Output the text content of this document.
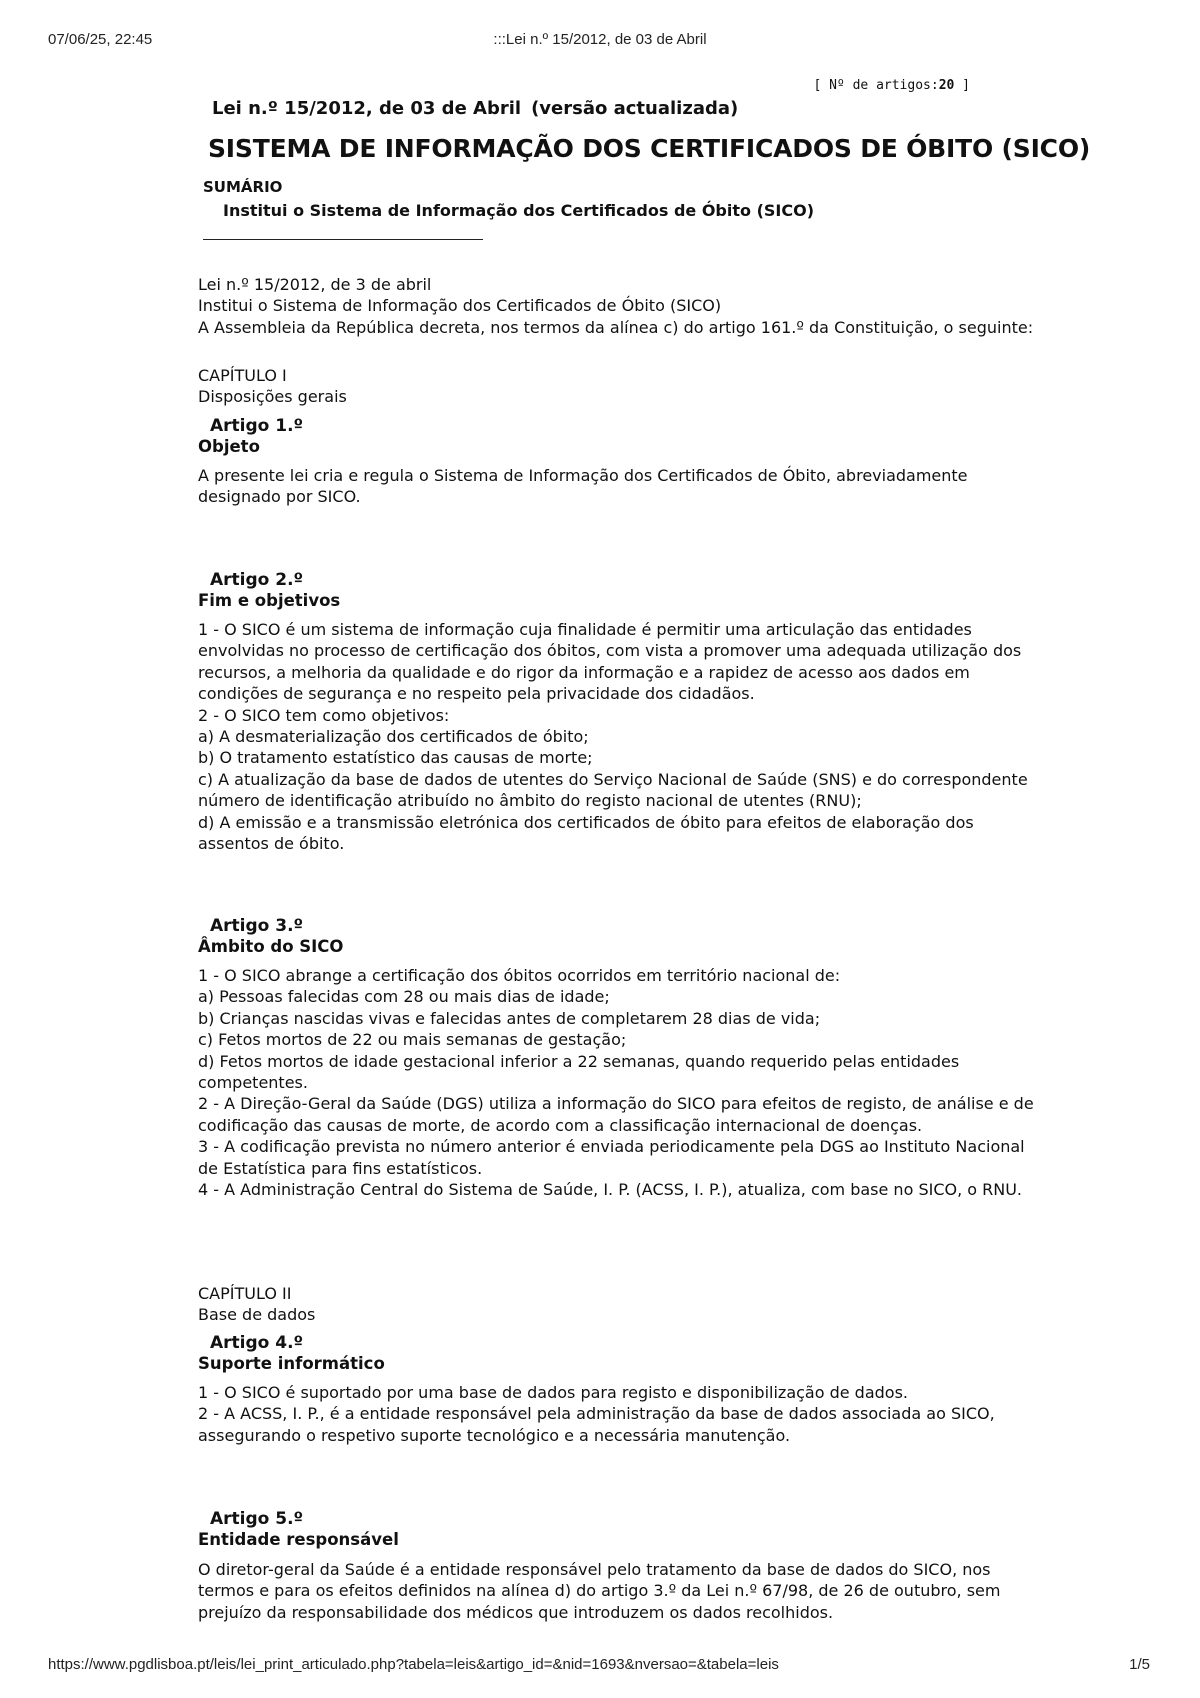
07/06/25, 22:45	:::Lei n.º 15/2012, de 03 de Abril
[ Nº de artigos:20 ]
Lei n.º 15/2012, de 03 de Abril (versão actualizada)
SISTEMA DE INFORMAÇÃO DOS CERTIFICADOS DE ÓBITO (SICO)
SUMÁRIO
Institui o Sistema de Informação dos Certificados de Óbito (SICO)

Lei n.º 15/2012, de 3 de abril

Institui o Sistema de Informação dos Certificados de Óbito (SICO)

A Assembleia da República decreta, nos termos da alínea c) do artigo 161.º da Constituição, o seguinte:

CAPÍTULO I

Disposições gerais

Artigo 1.º
Objeto

A presente lei cria e regula o Sistema de Informação dos Certificados de Óbito, abreviadamente designado por SICO.

Artigo 2.º
Fim e objetivos

1 - O SICO é um sistema de informação cuja finalidade é permitir uma articulação das entidades envolvidas no processo de certificação dos óbitos, com vista a promover uma adequada utilização dos recursos, a melhoria da qualidade e do rigor da informação e a rapidez de acesso aos dados em condições de segurança e no respeito pela privacidade dos cidadãos.

2 - O SICO tem como objetivos:

a) A desmaterialização dos certificados de óbito;

b) O tratamento estatístico das causas de morte;

c) A atualização da base de dados de utentes do Serviço Nacional de Saúde (SNS) e do correspondente número de identificação atribuído no âmbito do registo nacional de utentes (RNU);

d) A emissão e a transmissão eletrónica dos certificados de óbito para efeitos de elaboração dos assentos de óbito.

Artigo 3.º
Âmbito do SICO

1 - O SICO abrange a certificação dos óbitos ocorridos em território nacional de:

a) Pessoas falecidas com 28 ou mais dias de idade;

b) Crianças nascidas vivas e falecidas antes de completarem 28 dias de vida;

c) Fetos mortos de 22 ou mais semanas de gestação;

d) Fetos mortos de idade gestacional inferior a 22 semanas, quando requerido pelas entidades competentes.

2 - A Direção-Geral da Saúde (DGS) utiliza a informação do SICO para efeitos de registo, de análise e de codificação das causas de morte, de acordo com a classificação internacional de doenças.

3 - A codificação prevista no número anterior é enviada periodicamente pela DGS ao Instituto Nacional de Estatística para fins estatísticos.

4 - A Administração Central do Sistema de Saúde, I. P. (ACSS, I. P.), atualiza, com base no SICO, o RNU.

CAPÍTULO II

Base de dados

Artigo 4.º
Suporte informático

1 - O SICO é suportado por uma base de dados para registo e disponibilização de dados.

2 - A ACSS, I. P., é a entidade responsável pela administração da base de dados associada ao SICO, assegurando o respetivo suporte tecnológico e a necessária manutenção.

Artigo 5.º
Entidade responsável

O diretor-geral da Saúde é a entidade responsável pelo tratamento da base de dados do SICO, nos termos e para os efeitos definidos na alínea d) do artigo 3.º da Lei n.º 67/98, de 26 de outubro, sem prejuízo da responsabilidade dos médicos que introduzem os dados recolhidos.

https://www.pgdlisboa.pt/leis/lei_print_articulado.php?tabela=leis&artigo_id=&nid=1693&nversao=&tabela=leis	1/5
